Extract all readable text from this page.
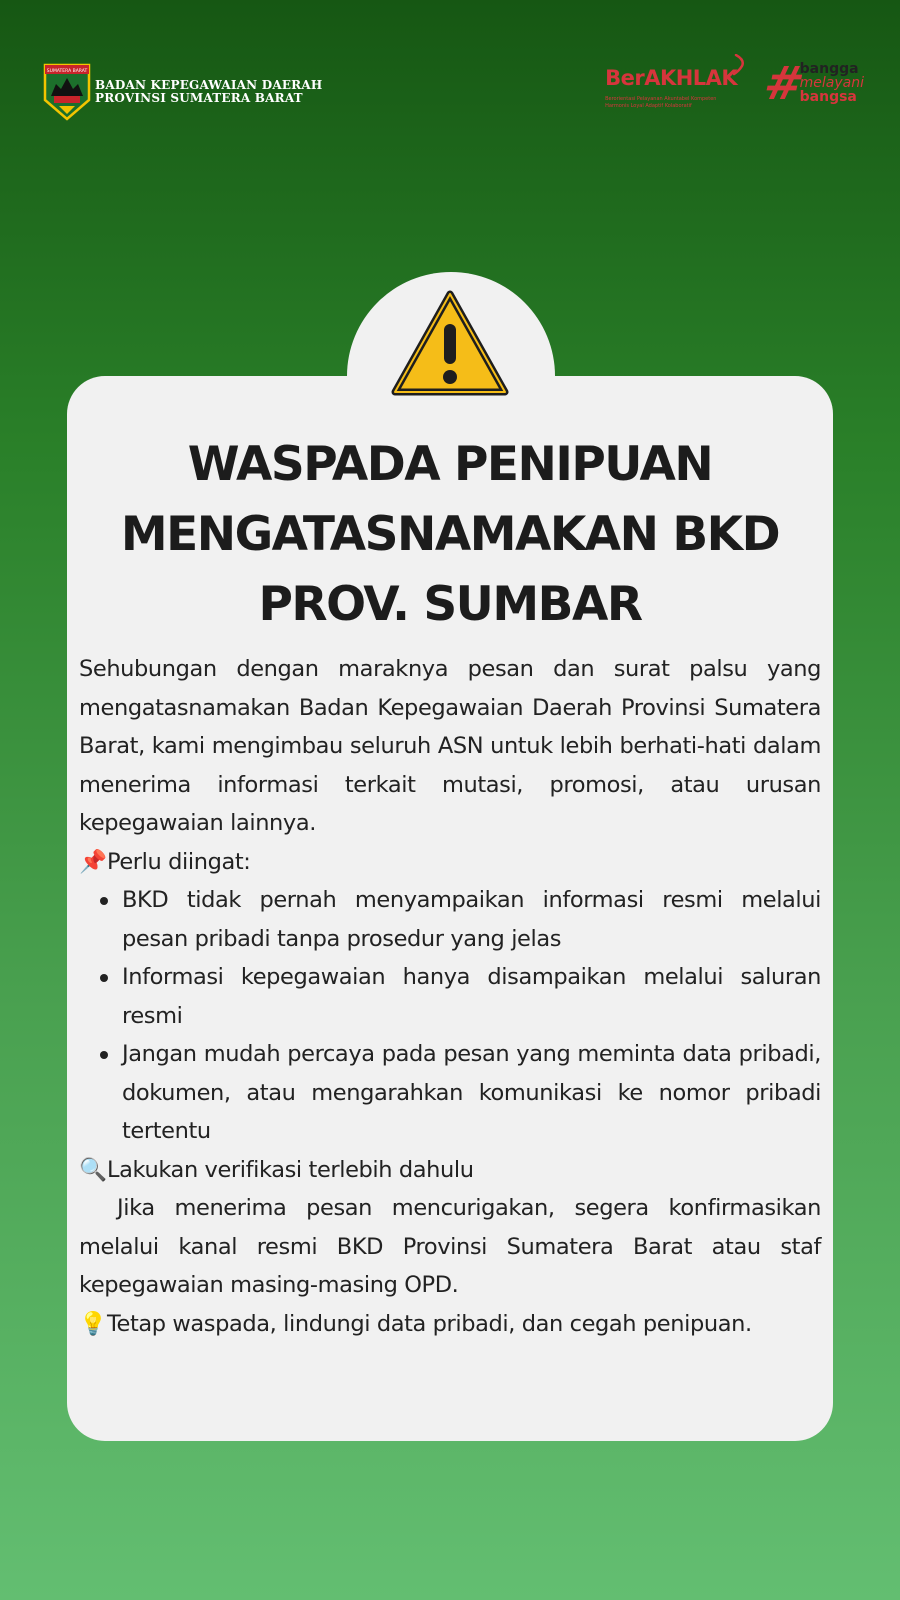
SUMATERA BARAT
BADAN KEPEGAWAIAN DAERAH
PROVINSI SUMATERA BARAT
BerAKHLAK
Berorientasi Pelayanan Akuntabel Kompeten
Harmonis Loyal Adaptif Kolaboratif	#
bangga
melayani
bangsa
WASPADA PENIPUAN
MENGATASNAMAKAN BKD
PROV. SUMBAR

Sehubungan dengan maraknya pesan dan surat palsu yang mengatasnamakan Badan Kepegawaian Daerah Provinsi Sumatera Barat, kami mengimbau seluruh ASN untuk lebih berhati-hati dalam menerima informasi terkait mutasi, promosi, atau urusan kepegawaian lainnya.

📌Perlu diingat:

BKD tidak pernah menyampaikan informasi resmi melalui pesan pribadi tanpa prosedur yang jelas
Informasi kepegawaian hanya disampaikan melalui saluran resmi
Jangan mudah percaya pada pesan yang meminta data pribadi, dokumen, atau mengarahkan komunikasi ke nomor pribadi tertentu

🔍Lakukan verifikasi terlebih dahulu

Jika menerima pesan mencurigakan, segera konfirmasikan melalui kanal resmi BKD Provinsi Sumatera Barat atau staf kepegawaian masing-masing OPD.

💡Tetap waspada, lindungi data pribadi, dan cegah penipuan.
